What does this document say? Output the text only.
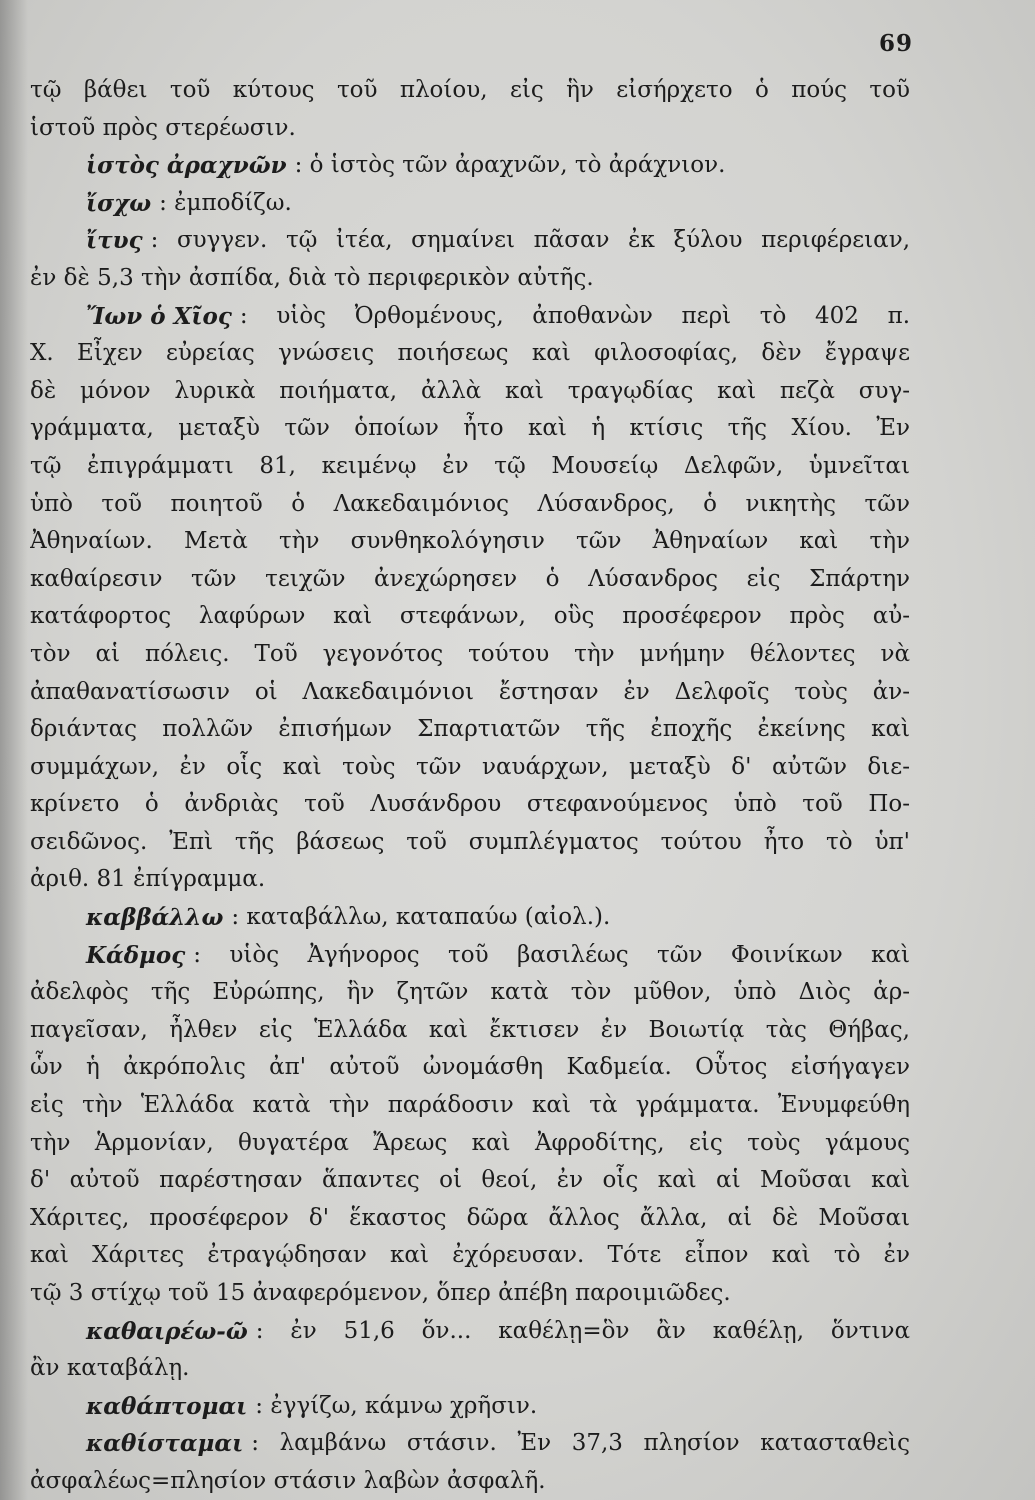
69
τῷ βάθει τοῦ κύτους τοῦ πλοίου, εἰς ἣν εἰσήρχετο ὁ πούς τοῦ
ἱστοῦ πρὸς στερέωσιν.
ἱστὸς ἀραχνῶν : ὁ ἱστὸς τῶν ἀραχνῶν, τὸ ἀράχνιον.
ἴσχω : ἐμποδίζω.
ἴτυς : συγγεν. τῷ ἰτέα, σημαίνει πᾶσαν ἐκ ξύλου περιφέρειαν,
ἐν δὲ 5,3 τὴν ἀσπίδα, διὰ τὸ περιφερικὸν αὐτῆς.
Ἴων ὁ Χῖος : υἱὸς Ὀρθομένους, ἀποθανὼν περὶ τὸ 402 π.
Χ. Εἶχεν εὐρείας γνώσεις ποιήσεως καὶ φιλοσοφίας, δὲν ἔγραψε
δὲ μόνον λυρικὰ ποιήματα, ἀλλὰ καὶ τραγῳδίας καὶ πεζὰ συγ-
γράμματα, μεταξὺ τῶν ὁποίων ἦτο καὶ ἡ κτίσις τῆς Χίου. Ἐν
τῷ ἐπιγράμματι 81, κειμένῳ ἐν τῷ Μουσείῳ Δελφῶν, ὑμνεῖται
ὑπὸ τοῦ ποιητοῦ ὁ Λακεδαιμόνιος Λύσανδρος, ὁ νικητὴς τῶν
Ἀθηναίων. Μετὰ τὴν συνθηκολόγησιν τῶν Ἀθηναίων καὶ τὴν
καθαίρεσιν τῶν τειχῶν ἀνεχώρησεν ὁ Λύσανδρος εἰς Σπάρτην
κατάφορτος λαφύρων καὶ στεφάνων, οὓς προσέφερον πρὸς αὐ-
τὸν αἱ πόλεις. Τοῦ γεγονότος τούτου τὴν μνήμην θέλοντες νὰ
ἀπαθανατίσωσιν οἱ Λακεδαιμόνιοι ἔστησαν ἐν Δελφοῖς τοὺς ἀν-
δριάντας πολλῶν ἐπισήμων Σπαρτιατῶν τῆς ἐποχῆς ἐκείνης καὶ
συμμάχων, ἐν οἷς καὶ τοὺς τῶν ναυάρχων, μεταξὺ δ' αὐτῶν διε-
κρίνετο ὁ ἀνδριὰς τοῦ Λυσάνδρου στεφανούμενος ὑπὸ τοῦ Πο-
σειδῶνος. Ἐπὶ τῆς βάσεως τοῦ συμπλέγματος τούτου ἦτο τὸ ὑπ'
ἀριθ. 81 ἐπίγραμμα.
καββάλλω : καταβάλλω, καταπαύω (αἰολ.).
Κάδμος : υἱὸς Ἀγήνορος τοῦ βασιλέως τῶν Φοινίκων καὶ
ἀδελφὸς τῆς Εὐρώπης, ἣν ζητῶν κατὰ τὸν μῦθον, ὑπὸ Διὸς ἁρ-
παγεῖσαν, ἦλθεν εἰς Ἑλλάδα καὶ ἔκτισεν ἐν Βοιωτίᾳ τὰς Θήβας,
ὧν ἡ ἀκρόπολις ἀπ' αὐτοῦ ὠνομάσθη Καδμεία. Οὗτος εἰσήγαγεν
εἰς τὴν Ἑλλάδα κατὰ τὴν παράδοσιν καὶ τὰ γράμματα. Ἐνυμφεύθη
τὴν Ἁρμονίαν, θυγατέρα Ἄρεως καὶ Ἀφροδίτης, εἰς τοὺς γάμους
δ' αὐτοῦ παρέστησαν ἅπαντες οἱ θεοί, ἐν οἷς καὶ αἱ Μοῦσαι καὶ
Χάριτες, προσέφερον δ' ἕκαστος δῶρα ἄλλος ἄλλα, αἱ δὲ Μοῦσαι
καὶ Χάριτες ἐτραγῴδησαν καὶ ἐχόρευσαν. Τότε εἶπον καὶ τὸ ἐν
τῷ 3 στίχῳ τοῦ 15 ἀναφερόμενον, ὅπερ ἀπέβη παροιμιῶδες.
καθαιρέω-ῶ : ἐν 51,6 ὅν... καθέλῃ=ὃν ἂν καθέλῃ, ὅντινα
ἂν καταβάλῃ.
καθάπτομαι : ἐγγίζω, κάμνω χρῆσιν.
καθίσταμαι : λαμβάνω στάσιν. Ἐν 37,3 πλησίον κατασταθεὶς
ἀσφαλέως=πλησίον στάσιν λαβὼν ἀσφαλῆ.
